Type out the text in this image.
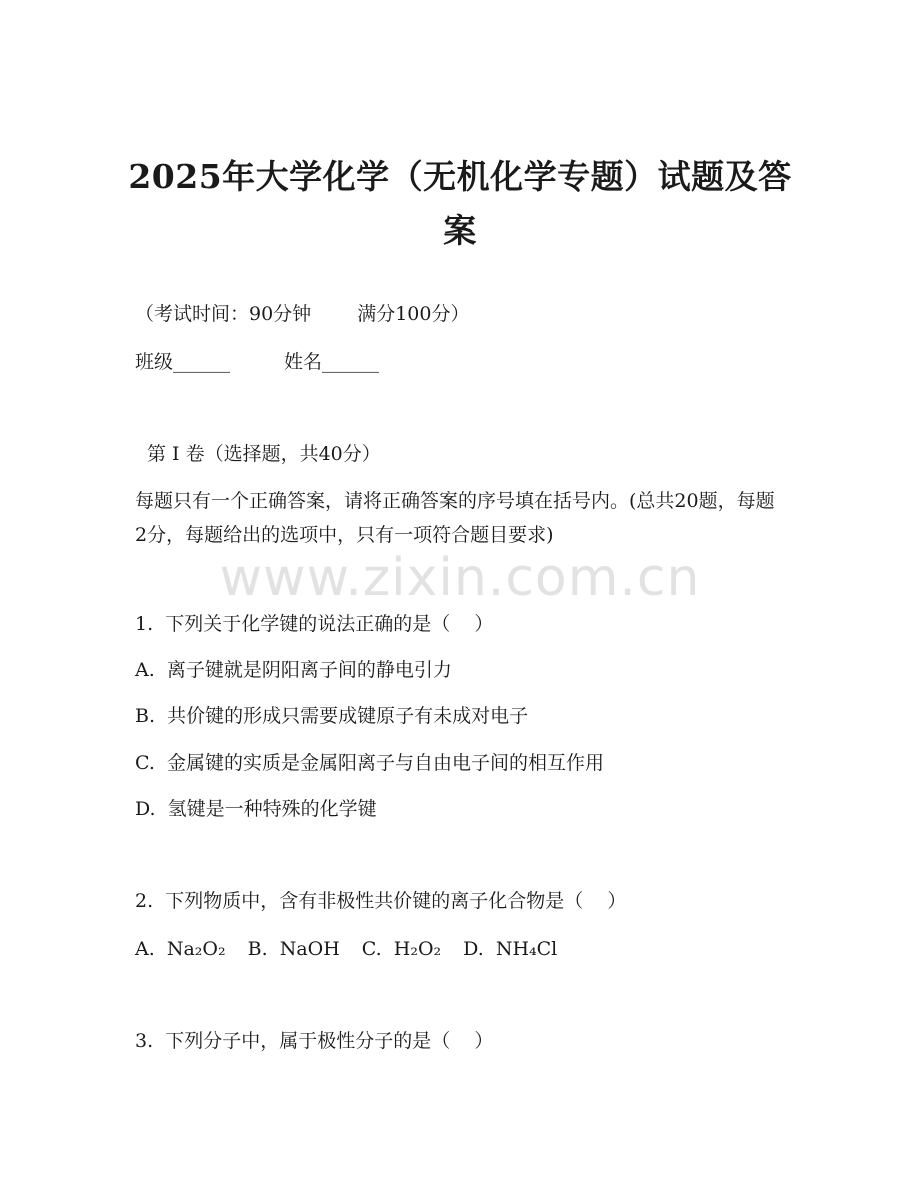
www.zixin.com.cn
2025年大学化学（无机化学专题）试题及答
案
（考试时间：90分钟 满分100分）
班级______	姓名______
第 I 卷（选择题，共40分）
每题只有一个正确答案，请将正确答案的序号填在括号内。(总共20题，每题2分，每题给出的选项中，只有一项符合题目要求)
1.  下列关于化学键的说法正确的是（    ）
A.  离子键就是阴阳离子间的静电引力
B.  共价键的形成只需要成键原子有未成对电子
C.  金属键的实质是金属阳离子与自由电子间的相互作用
D.  氢键是一种特殊的化学键
2.  下列物质中，含有非极性共价键的离子化合物是（    ）
A.  Na₂O₂ B.  NaOH C.  H₂O₂ D.  NH₄Cl
3.  下列分子中，属于极性分子的是（    ）
